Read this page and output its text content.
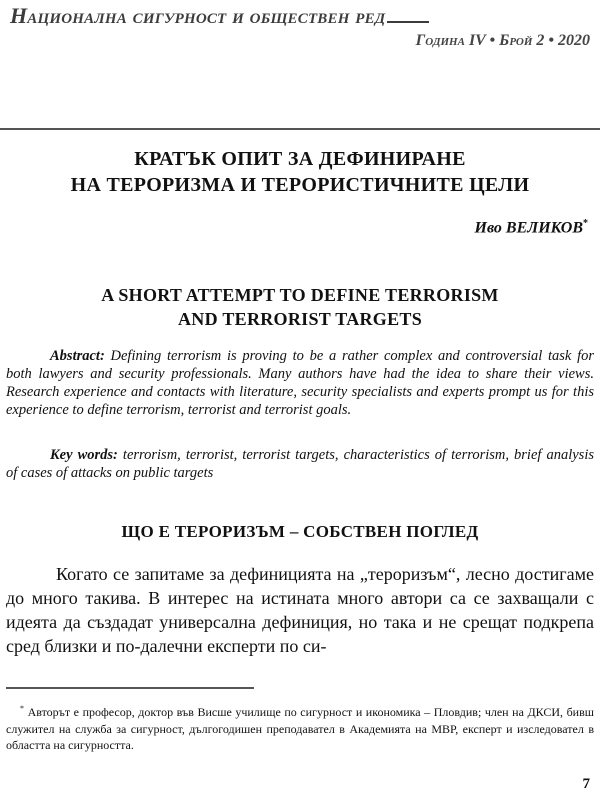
Национална сигурност и обществен ред
Година IV • Брой 2 • 2020
КРАТЪК ОПИТ ЗА ДЕФИНИРАНЕ
НА ТЕРОРИЗМА И ТЕРОРИСТИЧНИТЕ ЦЕЛИ
Иво ВЕЛИКОВ*
A SHORT ATTEMPT TO DEFINE TERRORISM
AND TERRORIST TARGETS

Abstract: Defining terrorism is proving to be a rather complex and controversial task for both lawyers and security professionals. Many authors have had the idea to share their views. Research experience and contacts with literature, security specialists and experts prompt us for this experience to define terrorism, terrorist and terrorist goals.

Key words: terrorism, terrorist, terrorist targets, characteristics of terrorism, brief analysis of cases of attacks on public targets

ЩО Е ТЕРОРИЗЪМ – СОБСТВЕН ПОГЛЕД

Когато се запитаме за дефиницията на „тероризъм“, лесно достигаме до много такива. В интерес на истината много автори са се захващали с идеята да създадат универсална дефиниция, но така и не срещат подкрепа сред близки и по-далечни експерти по си-

* Авторът е професор, доктор във Висше училище по сигурност и икономика – Пловдив; член на ДКСИ, бивш служител на служба за сигурност, дългогодишен преподавател в Академията на МВР, експерт и изследовател в областта на сигурността.

7
